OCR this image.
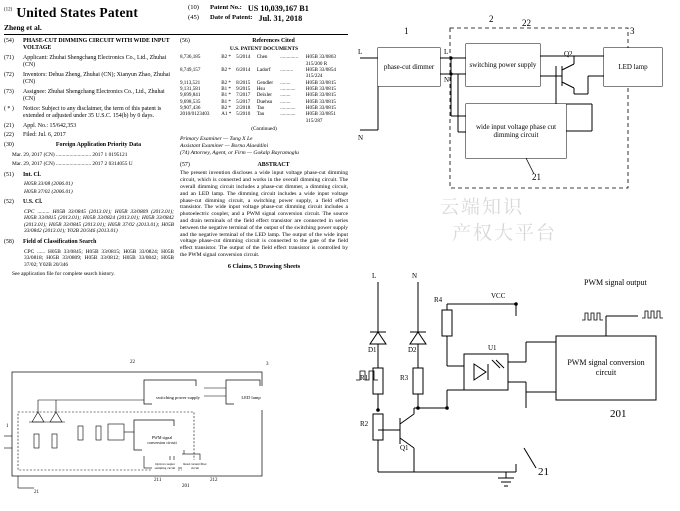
$^{(12)}$ United States Patent
Zheng et al.
(10)	Patent No.: US 10,039,167 B1
(45)	Date of Patent: Jul. 31, 2018
(54)	PHASE-CUT DIMMING CIRCUIT WITH WIDE INPUT VOLTAGE
(71)	Applicant: Zhuhai Shengchang Electronics Co., Ltd., Zhuhai (CN)
(72)	Inventors: Dehua Zheng, Zhuhai (CN); Xianyun Zhao, Zhuhai (CN)
(73)	Assignee: Zhuhai Shengchang Electronics Co., Ltd., Zhuhai (CN)
( * )	Notice: Subject to any disclaimer, the term of this patent is extended or adjusted under 35 U.S.C. 154(b) by 0 days.
(21)	Appl. No.: 15/642,353
(22)	Filed: Jul. 6, 2017
(30)	Foreign Application Priority Data
Mar. 29, 2017 (CN) .......................... 2017 1 0195121
Mar. 29, 2017 (CN) .......................... 2017 2 0314055 U
(51)	Int. Cl.
H05B 33/08 (2006.01)
H05B 37/02 (2006.01)
(52)	U.S. Cl.
CPC ......... H05B 33/0845 (2013.01); H05B 33/0809 (2013.01); H05B 33/0815 (2013.01); H05B 33/0824 (2013.01); H05B 33/0842 (2013.01); H05B 33/0845 (2013.01); H05B 37/02 (2013.01); H05B 33/0842 (2013.01); Y02B 20/346 (2013.01)
(58)	Field of Classification Search
CPC ...... H05B 33/0845; H05B 33/0815; H05B 33/0824; H05B 33/0818; H05B 33/0809; H05B 33/0812; H05B 33/0842; H05B 37/02; Y02B 20/346
See application file for complete search history.
(56)	References Cited
U.S. PATENT DOCUMENTS
8,736,185	B2 *	5/2014	Chen	..............	H05B 33/0863
					315/200 R
8,749,157	B2 *	6/2014	Ladorf	..........	H05B 33/0854
					315/224
9,113,521	B2 *	8/2015	Gendler	........	H05B 33/0815
9,131,581	B1 *	9/2015	Hsu	............	H05B 33/0815
9,699,841	B1 *	7/2017	Deixler	........	H05B 33/0815
9,698,535	B1 *	5/2017	Duehsu	........	H05B 33/0815
9,907,436	B2 *	2/2018	Tao	............	H05B 33/0815
2010/0123403	A1 *	5/2010	Tau	............	H05B 33/0851
					315/287
(Continued)
Primary Examiner — Tung X Le
Assistant Examiner — Borna Alaeddini
(74) Attorney, Agent, or Firm — Gokalp Bayramoglu
(57)	ABSTRACT
The present invention discloses a wide input voltage phase-cut dimming circuit, which is connected and works in the overall dimming circuit. The overall dimming circuit includes a phase-cut dimmer, a dimming circuit, and an LED lamp. The dimming circuit includes a wide input voltage phase-cut dimming circuit, a switching power supply, a field effect transistor. The wide input voltage phase-cut dimming circuit includes a photoelectric coupler, and a PWM signal conversion circuit. The source and drain terminals of the field effect transistor are connected in series between the negative terminal of the output of the switching power supply and the negative terminal of the LED lamp. The output of the wide input voltage phase-cut dimming circuit is connected to the gate of the field effect transistor. The output of the field effect transistor is controlled by the PWM signal conversion circuit.
6 Claims, 5 Drawing Sheets
switching power supply	LED lamp
PWM signal conversion circuit
Optical coupler sampling circuit
Read current filter circuit
22	3
211
201
212
21
1
phase-cut dimmer	switching power supply	LED lamp
wide input voltage phase cut dimming circuit
1
2	22
3
21
Q2
L
N
L
N
云端知识
产权大平台
L	N
VCC
D1	D2
R1
R2
R3
R4
Q1
U1
201
21
PWM signal output
PWM signal conversion circuit
